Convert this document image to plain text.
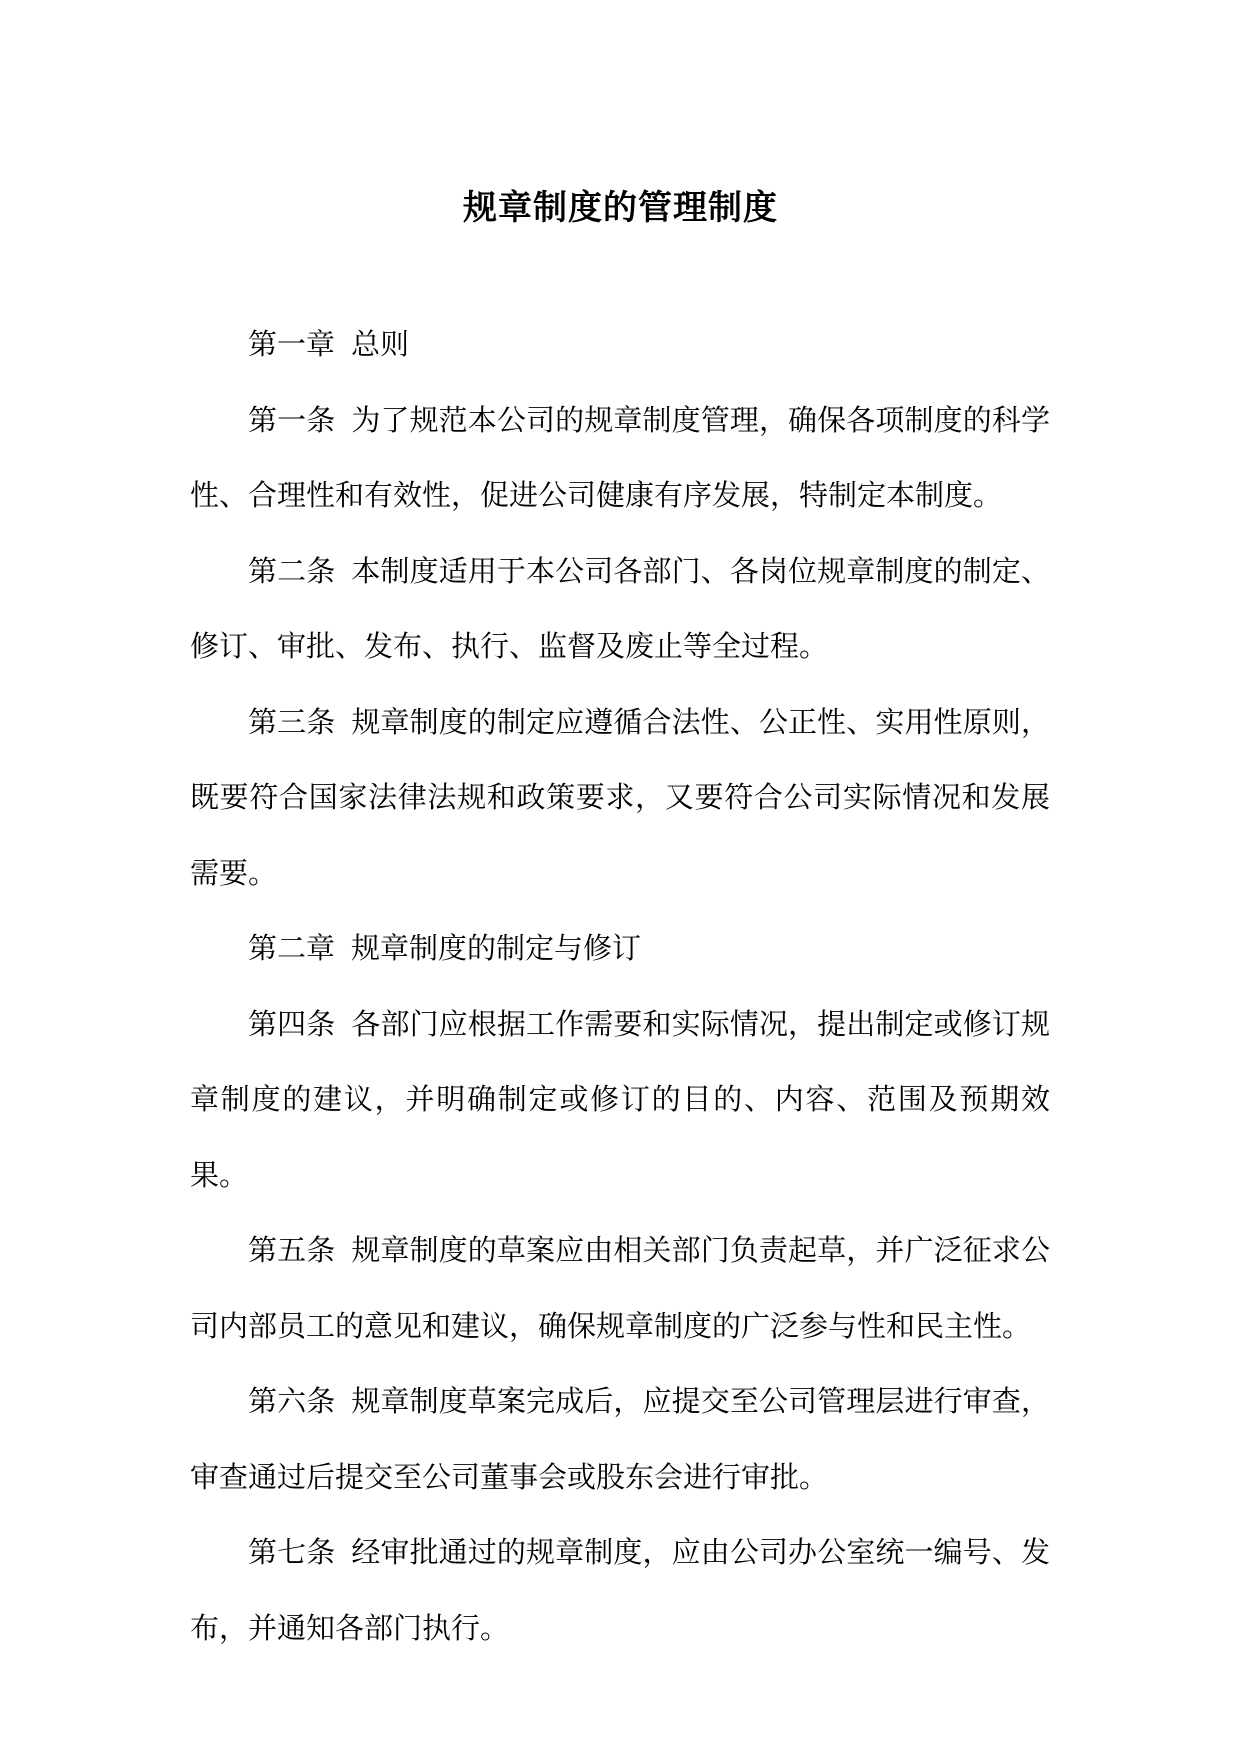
规章制度的管理制度

第一章 总则

第一条 为了规范本公司的规章制度管理，确保各项制度的科学性、合理性和有效性，促进公司健康有序发展，特制定本制度。

第二条 本制度适用于本公司各部门、各岗位规章制度的制定、修订、审批、发布、执行、监督及废止等全过程。

第三条 规章制度的制定应遵循合法性、公正性、实用性原则，既要符合国家法律法规和政策要求，又要符合公司实际情况和发展需要。

第二章 规章制度的制定与修订

第四条 各部门应根据工作需要和实际情况，提出制定或修订规章制度的建议，并明确制定或修订的目的、内容、范围及预期效果。

第五条 规章制度的草案应由相关部门负责起草，并广泛征求公司内部员工的意见和建议，确保规章制度的广泛参与性和民主性。

第六条 规章制度草案完成后，应提交至公司管理层进行审查，审查通过后提交至公司董事会或股东会进行审批。

第七条 经审批通过的规章制度，应由公司办公室统一编号、发布，并通知各部门执行。
